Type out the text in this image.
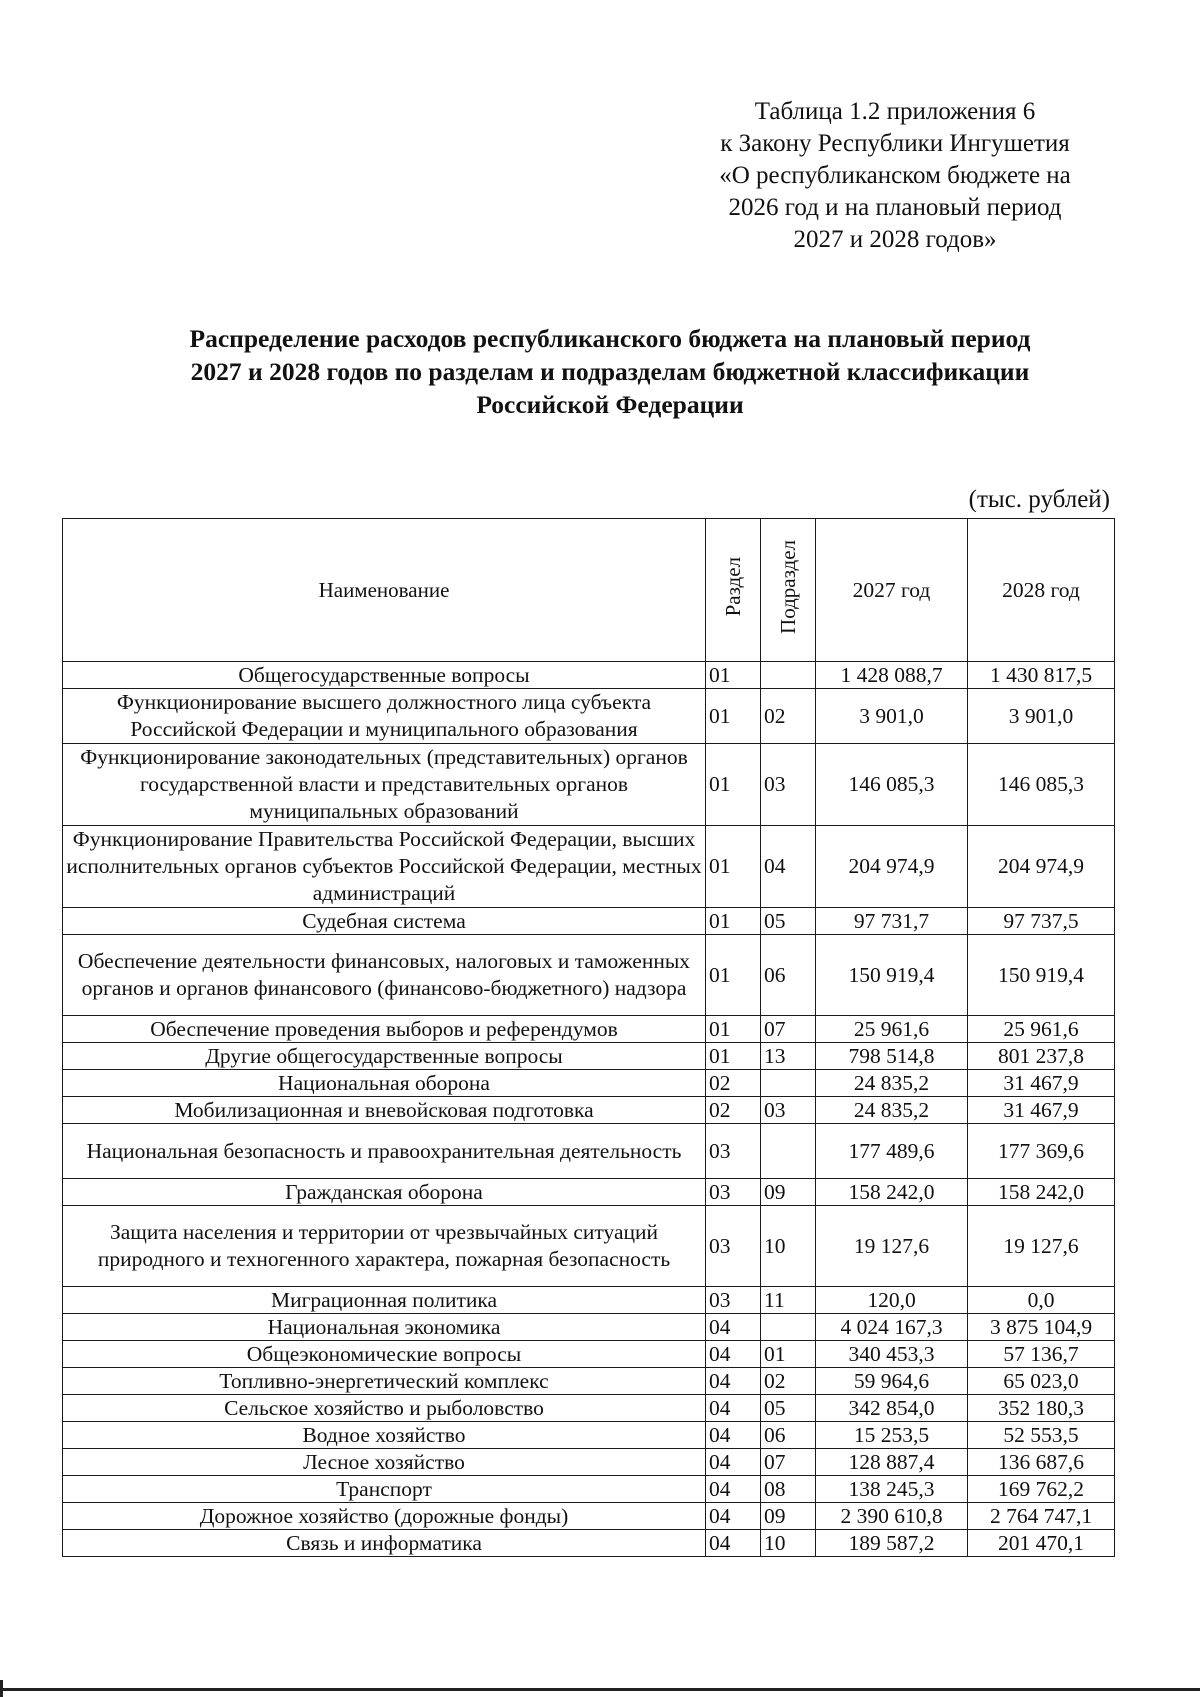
Таблица 1.2 приложения 6
к Закону Республики Ингушетия
«О республиканском бюджете на
2026 год и на плановый период
2027 и 2028 годов»
Распределение расходов республиканского бюджета на плановый период
2027 и 2028 годов по разделам и подразделам бюджетной классификации
Российской Федерации
(тыс. рублей)
Наименование	Раздел	Подраздел	2027 год	2028 год
Общегосударственные вопросы	01		1 428 088,7	1 430 817,5
Функционирование высшего должностного лица субъекта Российской Федерации и муниципального образования	01	02	3 901,0	3 901,0
Функционирование законодательных (представительных) органов государственной власти и представительных органов муниципальных образований	01	03	146 085,3	146 085,3
Функционирование Правительства Российской Федерации, высших исполнительных органов субъектов Российской Федерации, местных администраций	01	04	204 974,9	204 974,9
Судебная система	01	05	97 731,7	97 737,5
Обеспечение деятельности финансовых, налоговых и таможенных органов и органов финансового (финансово-бюджетного) надзора	01	06	150 919,4	150 919,4
Обеспечение проведения выборов и референдумов	01	07	25 961,6	25 961,6
Другие общегосударственные вопросы	01	13	798 514,8	801 237,8
Национальная оборона	02		24 835,2	31 467,9
Мобилизационная и вневойсковая подготовка	02	03	24 835,2	31 467,9
Национальная безопасность и правоохранительная деятельность	03		177 489,6	177 369,6
Гражданская оборона	03	09	158 242,0	158 242,0
Защита населения и территории от чрезвычайных ситуаций природного и техногенного характера, пожарная безопасность	03	10	19 127,6	19 127,6
Миграционная политика	03	11	120,0	0,0
Национальная экономика	04		4 024 167,3	3 875 104,9
Общеэкономические вопросы	04	01	340 453,3	57 136,7
Топливно-энергетический комплекс	04	02	59 964,6	65 023,0
Сельское хозяйство и рыболовство	04	05	342 854,0	352 180,3
Водное хозяйство	04	06	15 253,5	52 553,5
Лесное хозяйство	04	07	128 887,4	136 687,6
Транспорт	04	08	138 245,3	169 762,2
Дорожное хозяйство (дорожные фонды)	04	09	2 390 610,8	2 764 747,1
Связь и информатика	04	10	189 587,2	201 470,1
